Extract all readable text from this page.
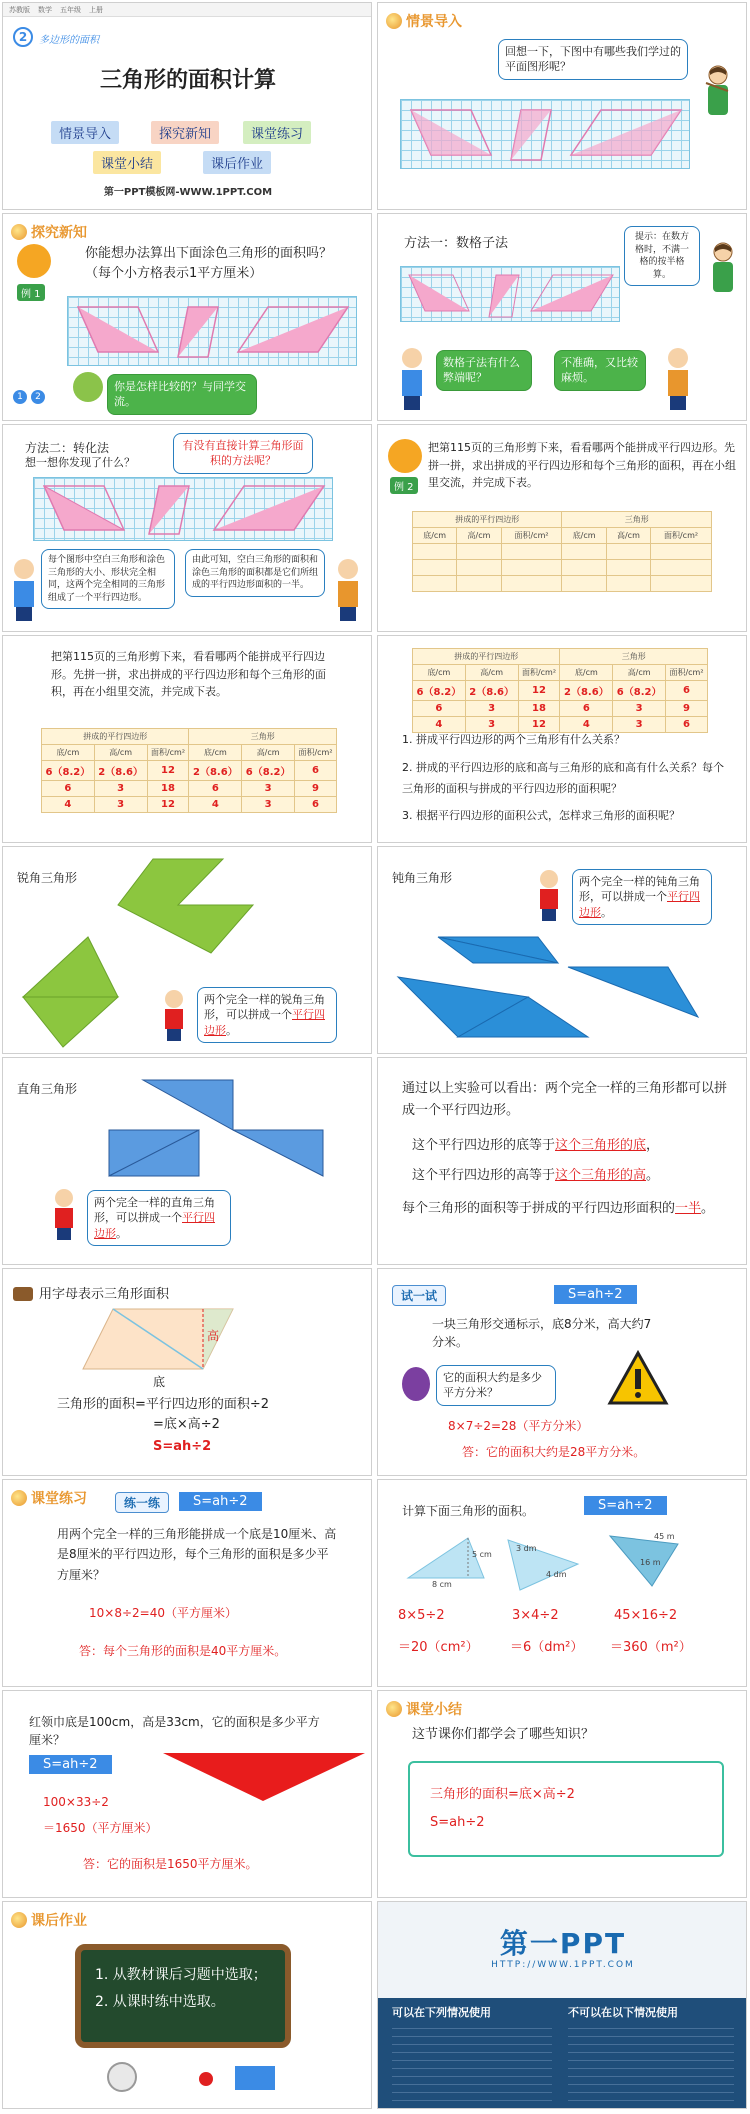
苏教版 数学 五年级 上册
2	多边形的面积
三角形的面积计算
情景导入	探究新知	课堂练习
课堂小结	课后作业
第一PPT模板网-WWW.1PPT.COM
情景导入
回想一下，下图中有哪些我们学过的平面图形呢？
探究新知
例 1
你能想办法算出下面涂色三角形的面积吗？
（每个小方格表示1平方厘米）
你是怎样比较的？与同学交流。
1	2
方法一：数格子法	提示：在数方格时，不满一格的按半格算。
数格子法有什么弊端呢？
不准确，又比较麻烦。
方法二：转化法
想一想你发现了什么？
有没有直接计算三角形面积的方法呢？
每个图形中空白三角形和涂色三角形的大小、形状完全相同，这两个完全相同的三角形组成了一个平行四边形。
由此可知，空白三角形的面积和涂色三角形的面积都是它们所组成的平行四边形面积的一半。
例 2
把第115页的三角形剪下来，看看哪两个能拼成平行四边形。先拼一拼，求出拼成的平行四边形和每个三角形的面积，再在小组里交流，并完成下表。
拼成的平行四边形			三角形		
底/cm	高/cm	面积/cm²	底/cm	高/cm	面积/cm²

把第115页的三角形剪下来，看看哪两个能拼成平行四边形。先拼一拼，求出拼成的平行四边形和每个三角形的面积，再在小组里交流，并完成下表。
拼成的平行四边形			三角形		
底/cm	高/cm	面积/cm²	底/cm	高/cm	面积/cm²
6（8.2）	2（8.6）	12	2（8.6）	6（8.2）	6
6	3	18	6	3	9
4	3	12	4	3	6
拼成的平行四边形			三角形		
底/cm	高/cm	面积/cm²	底/cm	高/cm	面积/cm²
6（8.2）	2（8.6）	12	2（8.6）	6（8.2）	6
6	3	18	6	3	9
4	3	12	4	3	6
1. 拼成平行四边形的两个三角形有什么关系？
2. 拼成的平行四边形的底和高与三角形的底和高有什么关系？每个三角形的面积与拼成的平行四边形的面积呢？
3. 根据平行四边形的面积公式，怎样求三角形的面积呢？
锐角三角形
两个完全一样的锐角三角形，可以拼成一个平行四边形。
钝角三角形	两个完全一样的钝角三角形，可以拼成一个平行四边形。
直角三角形
两个完全一样的直角三角形，可以拼成一个平行四边形。
通过以上实验可以看出：两个完全一样的三角形都可以拼成一个平行四边形。
这个平行四边形的底等于这个三角形的底，
这个平行四边形的高等于这个三角形的高。
每个三角形的面积等于拼成的平行四边形面积的一半。
用字母表示三角形面积
高
底
三角形的面积=平行四边形的面积÷2
=底×高÷2
S=ah÷2
试一试	S=ah÷2
一块三角形交通标示，底8分米，高大约7分米。
它的面积大约是多少平方分米？
8×7÷2=28（平方分米）
答：它的面积大约是28平方分米。
课堂练习	练一练	S=ah÷2
用两个完全一样的三角形能拼成一个底是10厘米、高是8厘米的平行四边形，每个三角形的面积是多少平方厘米？
10×8÷2=40（平方厘米）
答：每个三角形的面积是40平方厘米。
计算下面三角形的面积。	S=ah÷2
8 cm
5 cm
3 dm
4 dm
45 m
16 m
8×5÷2
＝20（cm²）
3×4÷2
＝6（dm²）
45×16÷2
＝360（m²）
红领巾底是100cm，高是33cm，它的面积是多少平方厘米？
S=ah÷2
100×33÷2
＝1650（平方厘米）
答：它的面积是1650平方厘米。
课堂小结
这节课你们都学会了哪些知识？
三角形的面积=底×高÷2
S=ah÷2
课后作业
1. 从教材课后习题中选取；
2. 从课时练中选取。
第一PPT
HTTP://WWW.1PPT.COM
可以在下列情况使用	不可以在以下情况使用
